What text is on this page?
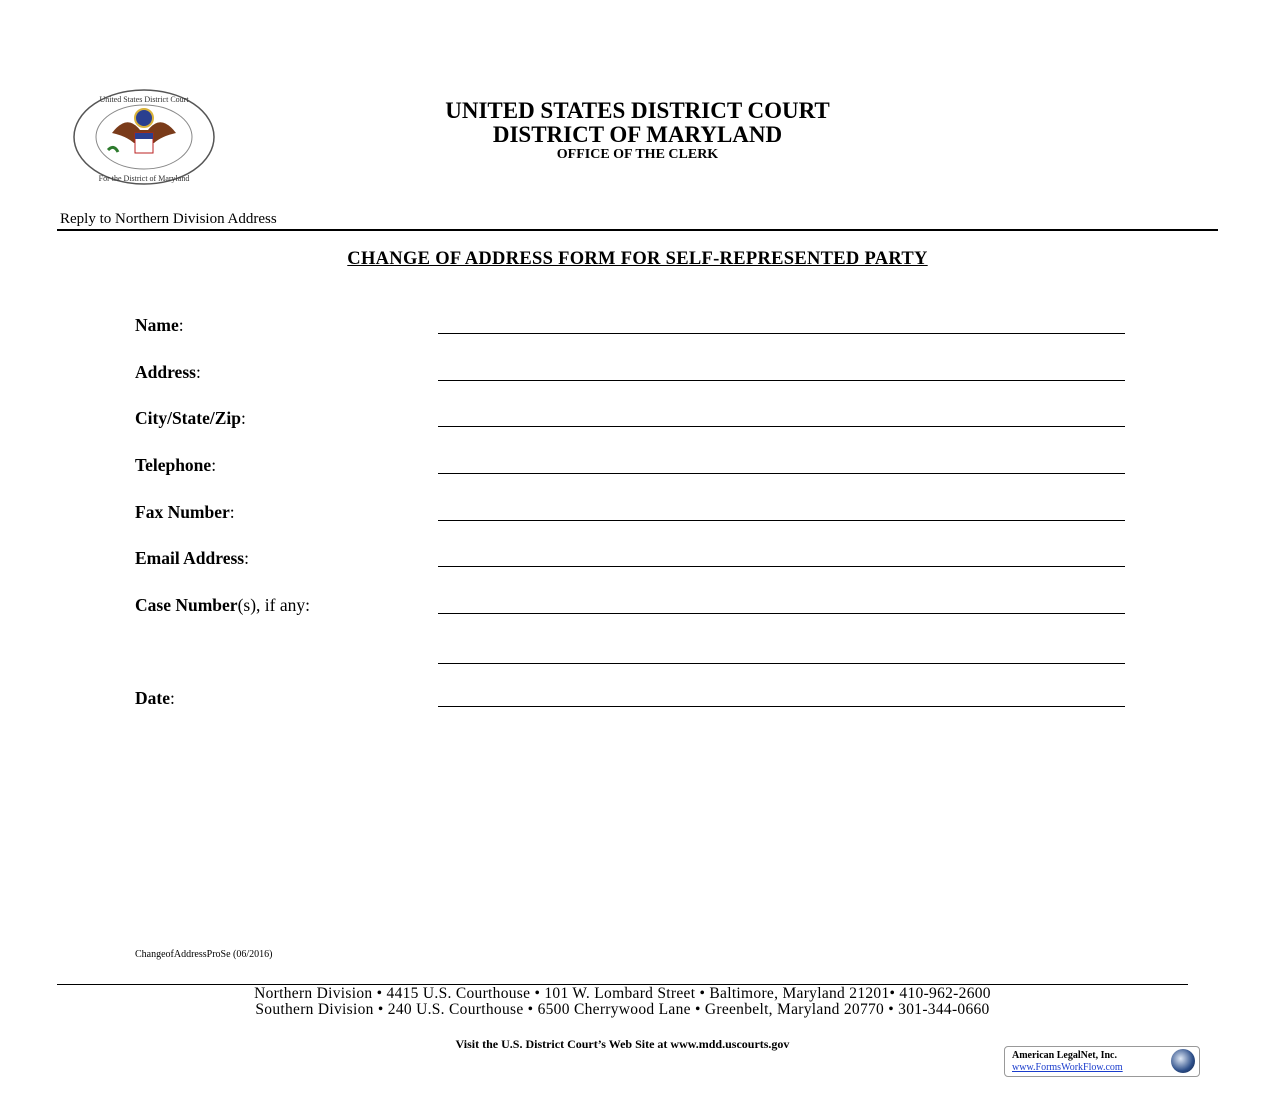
United States District Court
For the District of Maryland
UNITED STATES DISTRICT COURT
DISTRICT OF MARYLAND
OFFICE OF THE CLERK
Reply to Northern Division Address
CHANGE OF ADDRESS FORM FOR SELF-REPRESENTED PARTY
Name:
Address:
City/State/Zip:
Telephone:
Fax Number:
Email Address:
Case Number(s), if any:
Date:
ChangeofAddressProSe (06/2016)
Northern Division • 4415 U.S. Courthouse • 101 W. Lombard Street • Baltimore, Maryland 21201• 410-962-2600
Southern Division • 240 U.S. Courthouse • 6500 Cherrywood Lane • Greenbelt, Maryland 20770 • 301-344-0660
Visit the U.S. District Court’s Web Site at www.mdd.uscourts.gov
American LegalNet, Inc.
www.FormsWorkFlow.com
